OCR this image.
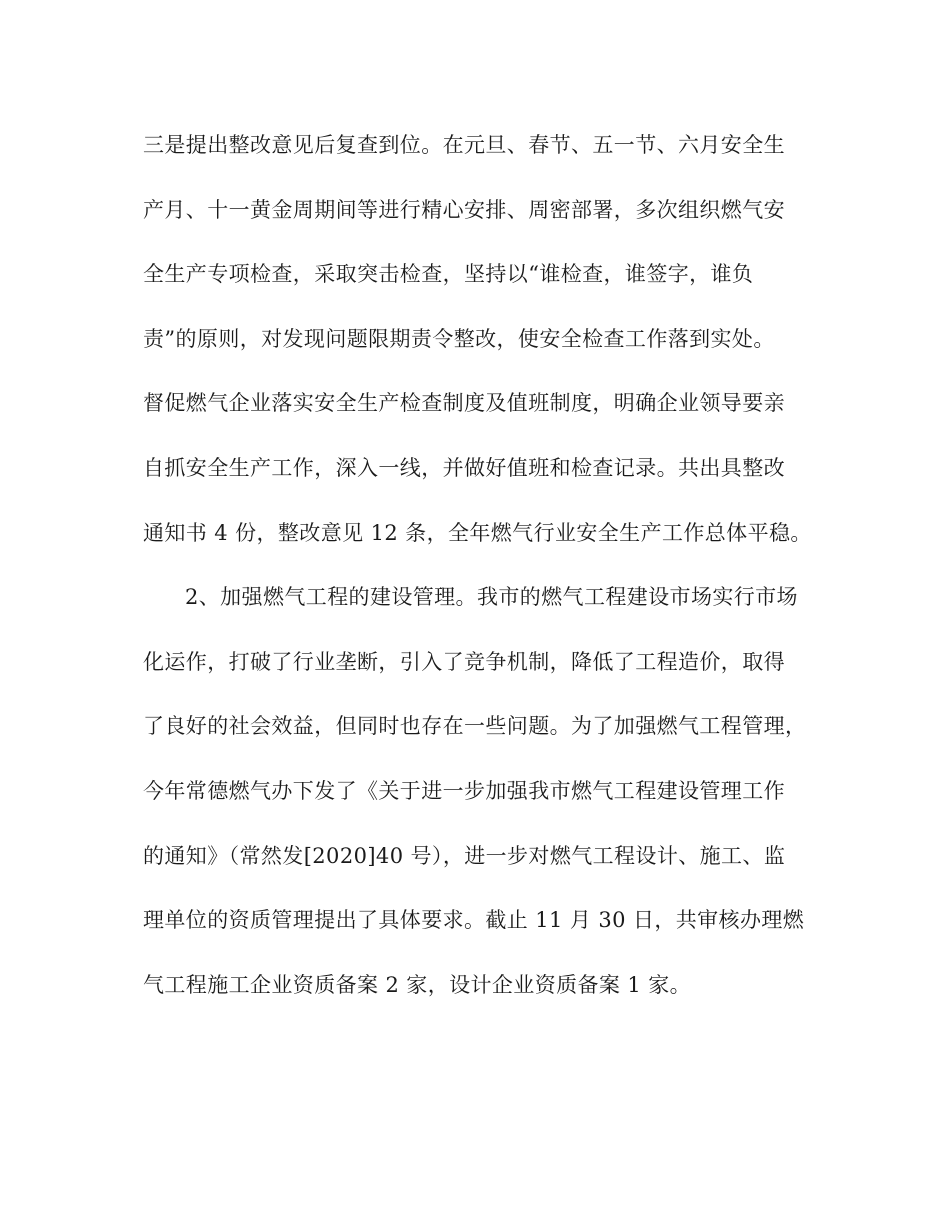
三是提出整改意见后复查到位。在元旦、春节、五一节、六月安全生
产月、十一黄金周期间等进行精心安排、周密部署，多次组织燃气安
全生产专项检查，采取突击检查，坚持以“谁检查，谁签字，谁负
责”的原则，对发现问题限期责令整改，使安全检查工作落到实处。
督促燃气企业落实安全生产检查制度及值班制度，明确企业领导要亲
自抓安全生产工作，深入一线，并做好值班和检查记录。共出具整改
通知书 4 份，整改意见 12 条，全年燃气行业安全生产工作总体平稳。
2、加强燃气工程的建设管理。我市的燃气工程建设市场实行市场
化运作，打破了行业垄断，引入了竞争机制，降低了工程造价，取得
了良好的社会效益，但同时也存在一些问题。为了加强燃气工程管理，
今年常德燃气办下发了《关于进一步加强我市燃气工程建设管理工作
的通知》（常然发[2020]40 号），进一步对燃气工程设计、施工、监
理单位的资质管理提出了具体要求。截止 11 月 30 日，共审核办理燃
气工程施工企业资质备案 2 家，设计企业资质备案 1 家。
